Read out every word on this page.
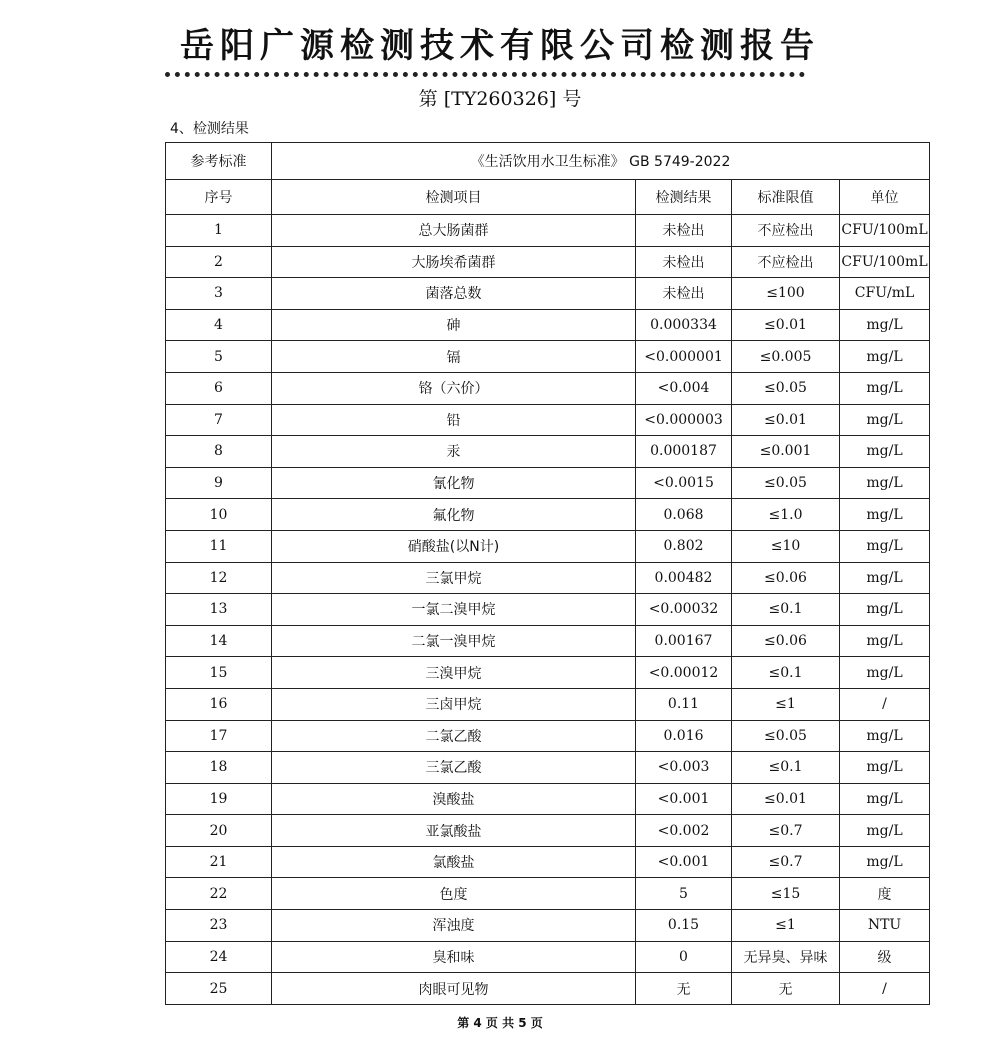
岳阳广源检测技术有限公司检测报告
第 [TY260326] 号
4、检测结果
参考标准	《生活饮用水卫生标准》 GB 5749-2022			
序号	检测项目	检测结果	标准限值	单位
1	总大肠菌群	未检出	不应检出	CFU/100mL
2	大肠埃希菌群	未检出	不应检出	CFU/100mL
3	菌落总数	未检出	≤100	CFU/mL
4	砷	0.000334	≤0.01	mg/L
5	镉	<0.000001	≤0.005	mg/L
6	铬（六价）	<0.004	≤0.05	mg/L
7	铅	<0.000003	≤0.01	mg/L
8	汞	0.000187	≤0.001	mg/L
9	氰化物	<0.0015	≤0.05	mg/L
10	氟化物	0.068	≤1.0	mg/L
11	硝酸盐(以N计)	0.802	≤10	mg/L
12	三氯甲烷	0.00482	≤0.06	mg/L
13	一氯二溴甲烷	<0.00032	≤0.1	mg/L
14	二氯一溴甲烷	0.00167	≤0.06	mg/L
15	三溴甲烷	<0.00012	≤0.1	mg/L
16	三卤甲烷	0.11	≤1	/
17	二氯乙酸	0.016	≤0.05	mg/L
18	三氯乙酸	<0.003	≤0.1	mg/L
19	溴酸盐	<0.001	≤0.01	mg/L
20	亚氯酸盐	<0.002	≤0.7	mg/L
21	氯酸盐	<0.001	≤0.7	mg/L
22	色度	5	≤15	度
23	浑浊度	0.15	≤1	NTU
24	臭和味	0	无异臭、异味	级
25	肉眼可见物	无	无	/
第 4 页 共 5 页
